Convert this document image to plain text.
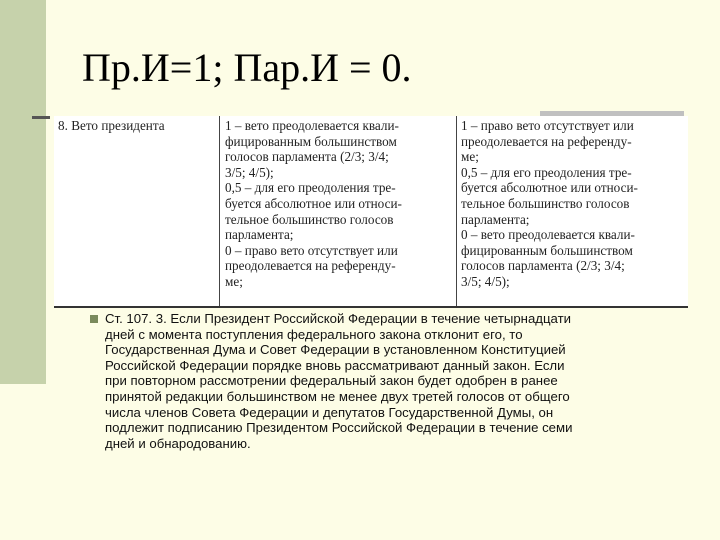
Пр.И=1; Пар.И = 0.
8. Вето президента	1 – вето преодолевается квали-
фицированным большинством
голосов парламента (2/3; 3/4;
3/5; 4/5);
0,5 – для его преодоления тре-
буется абсолютное или относи-
тельное большинство голосов
парламента;
0 – право вето отсутствует или
преодолевается на референду-
ме;
1 – право вето отсутствует или
преодолевается на референду-
ме;
0,5 – для его преодоления тре-
буется абсолютное или относи-
тельное большинство голосов
парламента;
0 – вето преодолевается квали-
фицированным большинством
голосов парламента (2/3; 3/4;
3/5; 4/5);
Ст. 107. 3. Если Президент Российской Федерации в течение четырнадцати
дней с момента поступления федерального закона отклонит его, то
Государственная Дума и Совет Федерации в установленном Конституцией
Российской Федерации порядке вновь рассматривают данный закон. Если
при повторном рассмотрении федеральный закон будет одобрен в ранее
принятой редакции большинством не менее двух третей голосов от общего
числа членов Совета Федерации и депутатов Государственной Думы, он
подлежит подписанию Президентом Российской Федерации в течение семи
дней и обнародованию.
